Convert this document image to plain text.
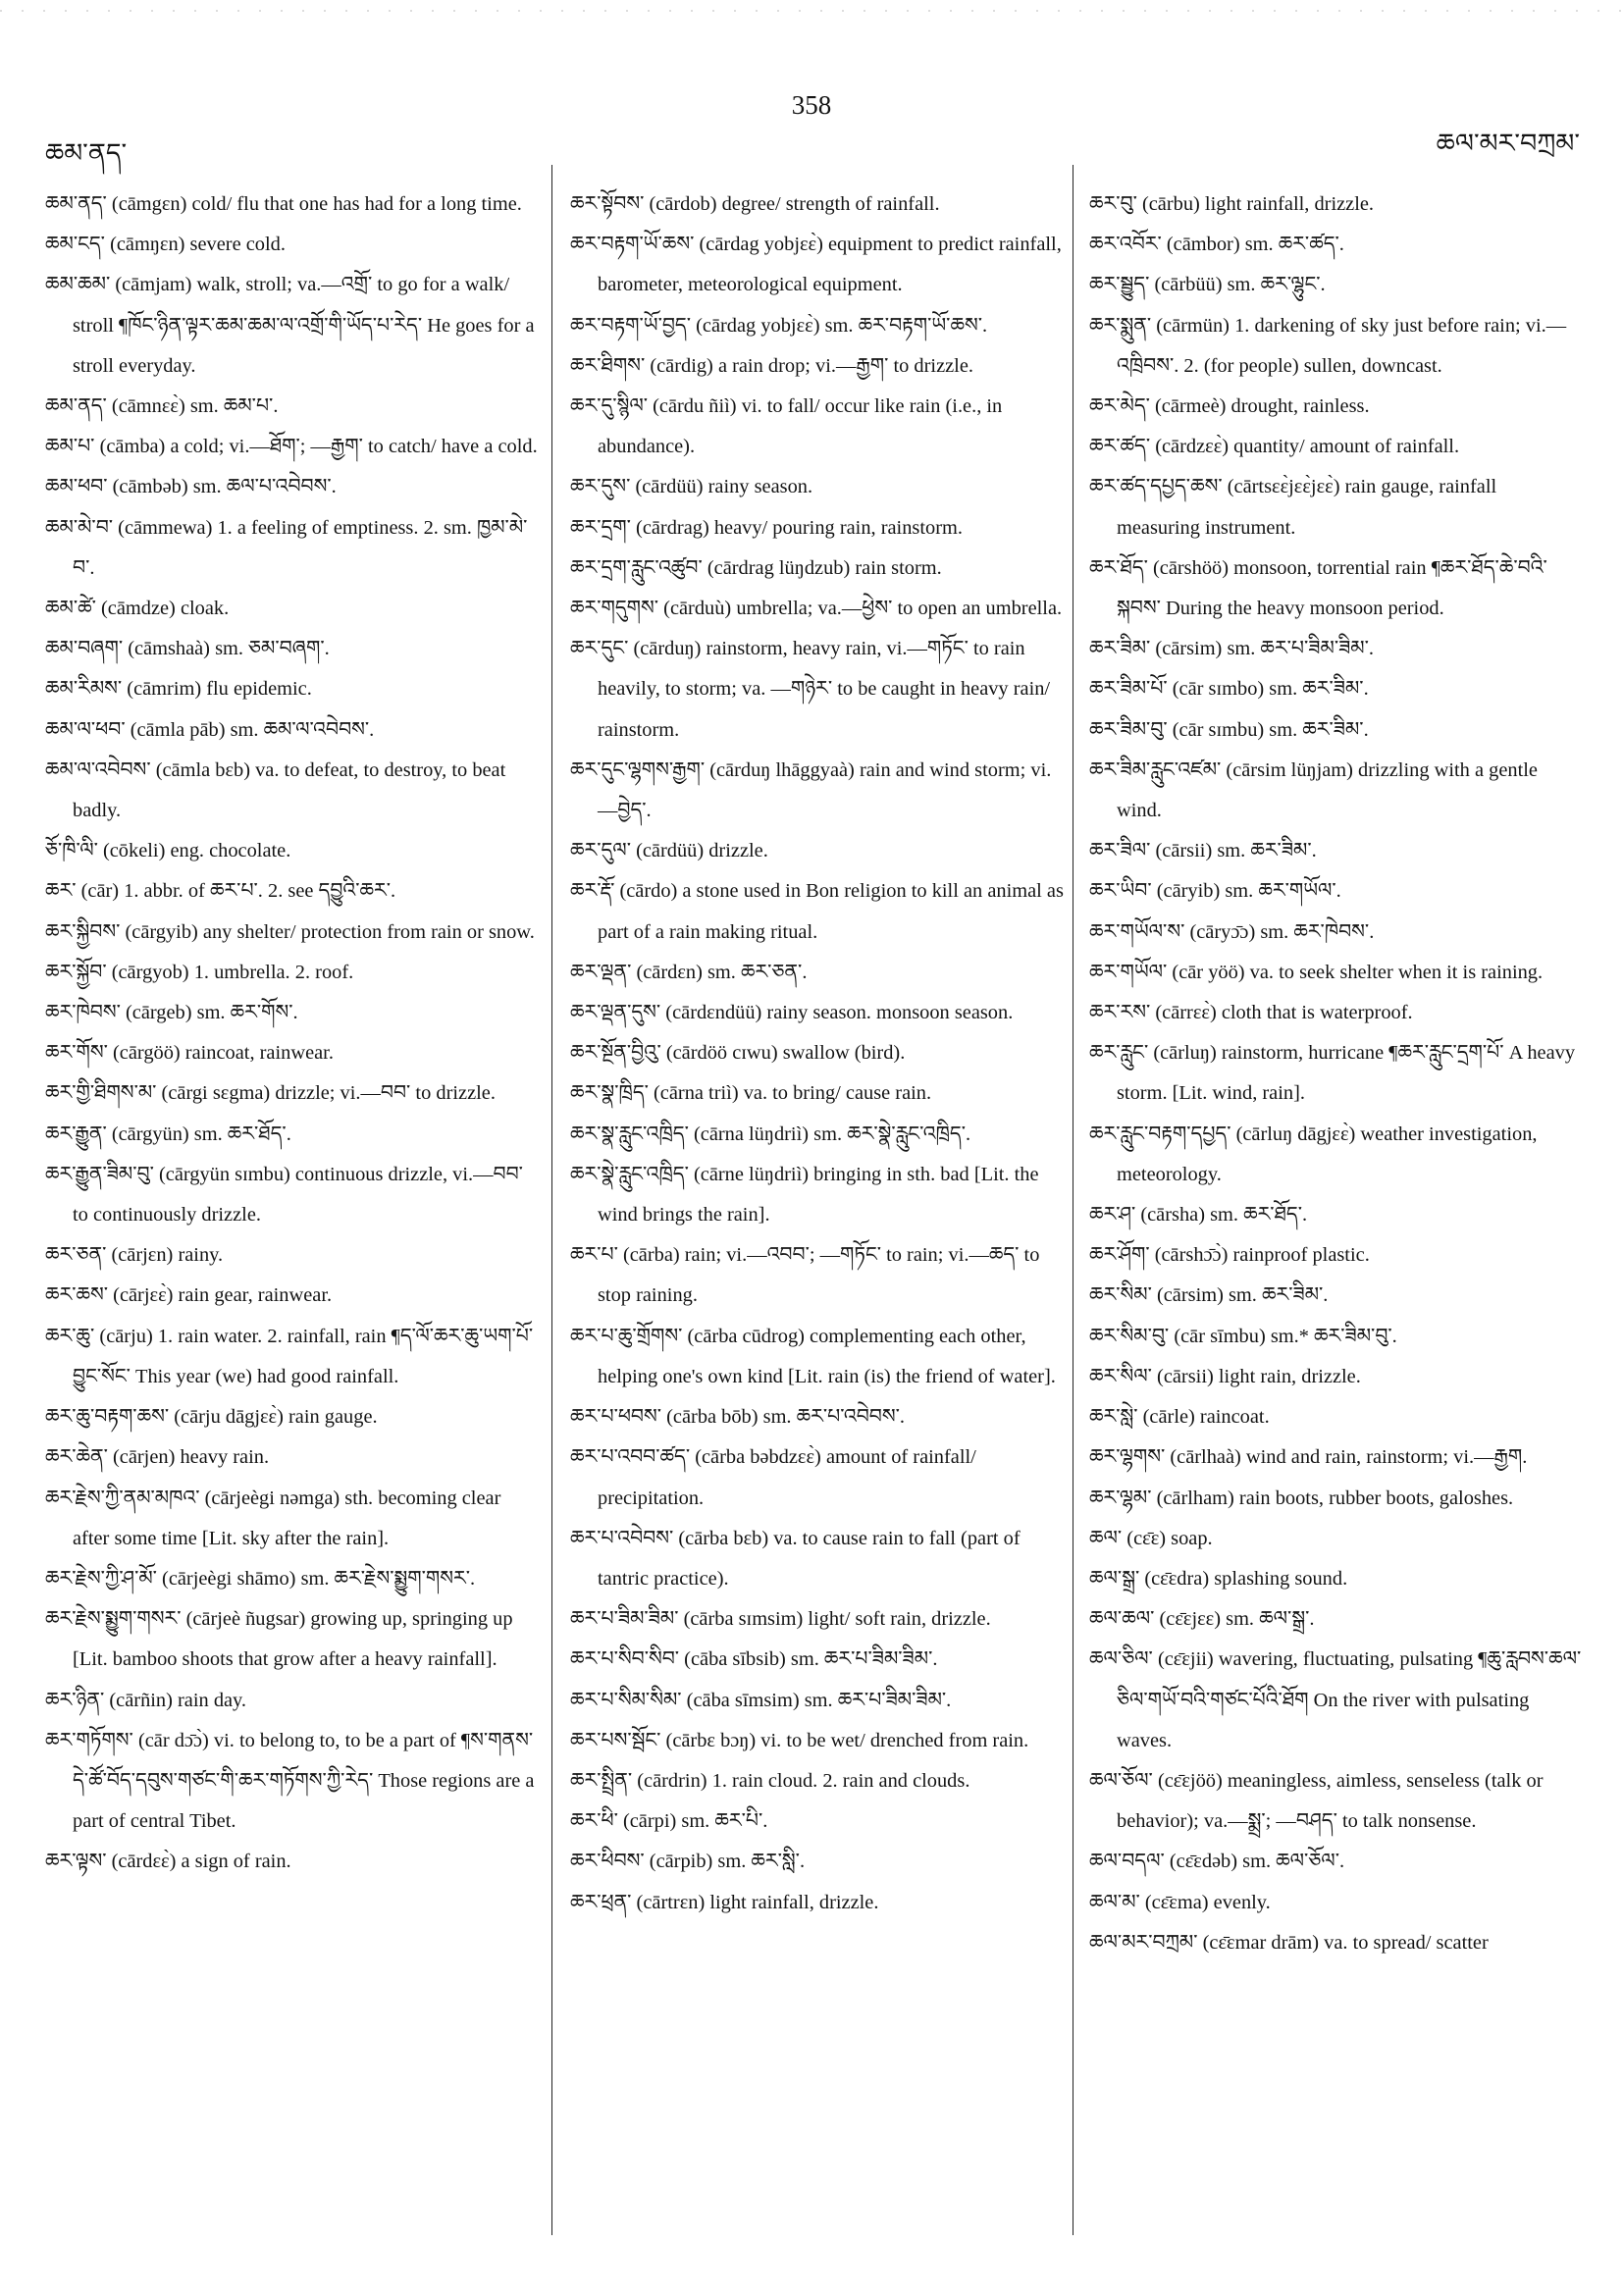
ཆམ་ནད་
358
ཆལ་མར་བཀྲམ་

ཆམ་ནད་ (cāmgɛn) cold/ flu that one has had for a long time.

ཆམ་ངད་ (cāmŋɛn) severe cold.

ཆམ་ཆམ་ (cāmjam) walk, stroll; va.—འགྲོ་ to go for a walk/ stroll ¶ཁོང་ཉིན་ལྟར་ཆམ་ཆམ་ལ་འགྲོ་གི་ཡོད་པ་རེད་ He goes for a stroll everyday.

ཆམ་ནད་ (cāmnɛɛ̀) sm. ཆམ་པ་.

ཆམ་པ་ (cāmba) a cold; vi.—ཐོག་; —རྒྱག་ to catch/ have a cold.

ཆམ་ཕབ་ (cāmbəb) sm. ཆལ་པ་འབེབས་.

ཆམ་མེ་བ་ (cāmmewa) 1. a feeling of emptiness. 2. sm. ཁྱམ་མེ་བ་.

ཆམ་ཚེ་ (cāmdze) cloak.

ཆམ་བཞག་ (cāmshaà) sm. ཅམ་བཞག་.

ཆམ་རིམས་ (cāmrim) flu epidemic.

ཆམ་ལ་ཕབ་ (cāmla pāb) sm. ཆམ་ལ་འབེབས་.

ཆམ་ལ་འབེབས་ (cāmla bɛb) va. to defeat, to destroy, to beat badly.

ཅོ་ཁི་ལི་ (cōkeli) eng. chocolate.

ཆར་ (cār) 1. abbr. of ཆར་པ་. 2. see དབྱུའི་ཆར་.

ཆར་སྐྱིབས་ (cārgyib) any shelter/ protection from rain or snow.

ཆར་སྐྱོབ་ (cārgyob) 1. umbrella. 2. roof.

ཆར་ཁེབས་ (cārgeb) sm. ཆར་གོས་.

ཆར་གོས་ (cārgöö) raincoat, rainwear.

ཆར་གྱི་ཐིགས་མ་ (cārgi sɛgma) drizzle; vi.—བབ་ to drizzle.

ཆར་རྒྱུན་ (cārgyün) sm. ཆར་ཐོད་.

ཆར་རྒྱུན་ཟིམ་བུ་ (cārgyün sɪmbu) continuous drizzle, vi.—བབ་ to continuously drizzle.

ཆར་ཅན་ (cārjɛn) rainy.

ཆར་ཆས་ (cārjɛɛ̀) rain gear, rainwear.

ཆར་ཆུ་ (cārju) 1. rain water. 2. rainfall, rain ¶ད་ལོ་ཆར་ཆུ་ཡག་པོ་བྱུང་སོང་ This year (we) had good rainfall.

ཆར་ཆུ་བརྟག་ཆས་ (cārju dāgjɛɛ̀) rain gauge.

ཆར་ཆེན་ (cārjen) heavy rain.

ཆར་རྗེས་ཀྱི་ནམ་མཁའ་ (cārjeègi nəmga) sth. becoming clear after some time [Lit. sky after the rain].

ཆར་རྗེས་ཀྱི་ཤ་མོ་ (cārjeègi shāmo) sm. ཆར་རྗེས་སྨྱུག་གསར་.

ཆར་རྗེས་སྨྱུག་གསར་ (cārjeè ñugsar) growing up, springing up [Lit. bamboo shoots that grow after a heavy rainfall].

ཆར་ཉིན་ (cārñin) rain day.

ཆར་གཏོགས་ (cār dɔ̄ɔ̀) vi. to belong to, to be a part of ¶ས་གནས་དེ་ཚོ་བོད་དབུས་གཙང་གི་ཆར་གཏོགས་ཀྱི་རེད་ Those regions are a part of central Tibet.

ཆར་ལྟས་ (cārdɛɛ̀) a sign of rain.

ཆར་སྟོབས་ (cārdob) degree/ strength of rainfall.

ཆར་བརྟག་ཡོ་ཆས་ (cārdag yobjɛɛ̀) equipment to predict rainfall, barometer, meteorological equipment.

ཆར་བརྟག་ཡོ་བྱད་ (cārdag yobjɛɛ̀) sm. ཆར་བརྟག་ཡོ་ཆས་.

ཆར་ཐིགས་ (cārdig) a rain drop; vi.—རྒྱག་ to drizzle.

ཆར་དུ་སྙིལ་ (cārdu ñiì) vi. to fall/ occur like rain (i.e., in abundance).

ཆར་དུས་ (cārdüü) rainy season.

ཆར་དྲག་ (cārdrag) heavy/ pouring rain, rainstorm.

ཆར་དྲག་རླུང་འཚུབ་ (cārdrag lüŋdzub) rain storm.

ཆར་གདུགས་ (cārduù) umbrella; va.—ཕྱེས་ to open an umbrella.

ཆར་དུང་ (cārduŋ) rainstorm, heavy rain, vi.—གཏོང་ to rain heavily, to storm; va. —གཉེར་ to be caught in heavy rain/ rainstorm.

ཆར་དུང་ལྷགས་རྒྱག་ (cārduŋ lhāggyaà) rain and wind storm; vi.—བྱེད་.

ཆར་དུལ་ (cārdüü) drizzle.

ཆར་རྡོ་ (cārdo) a stone used in Bon religion to kill an animal as part of a rain making ritual.

ཆར་ལྡན་ (cārdɛn) sm. ཆར་ཅན་.

ཆར་ལྡན་དུས་ (cārdɛndüü) rainy season. monsoon season.

ཆར་སྔོན་བྱིའུ་ (cārdöö cɪwu) swallow (bird).

ཆར་སྣ་ཁྲིད་ (cārna triì) va. to bring/ cause rain.

ཆར་སྣ་རླུང་འཁྲིད་ (cārna lüŋdriì) sm. ཆར་སྣེ་རླུང་འཁྲིད་.

ཆར་སྣེ་རླུང་འཁྲིད་ (cārne lüŋdriì) bringing in sth. bad [Lit. the wind brings the rain].

ཆར་པ་ (cārba) rain; vi.—འབབ་; —གཏོང་ to rain; vi.—ཆད་ to stop raining.

ཆར་པ་ཆུ་གྲོགས་ (cārba cūdrog) complementing each other, helping one's own kind [Lit. rain (is) the friend of water].

ཆར་པ་ཕབས་ (cārba bōb) sm. ཆར་པ་འབེབས་.

ཆར་པ་འབབ་ཚད་ (cārba bəbdzɛɛ̀) amount of rainfall/ precipitation.

ཆར་པ་འབེབས་ (cārba bɛb) va. to cause rain to fall (part of tantric practice).

ཆར་པ་ཟིམ་ཟིམ་ (cārba sɪmsim) light/ soft rain, drizzle.

ཆར་པ་སིབ་སིབ་ (cāba sībsib) sm. ཆར་པ་ཟིམ་ཟིམ་.

ཆར་པ་སིམ་སིམ་ (cāba sīmsim) sm. ཆར་པ་ཟིམ་ཟིམ་.

ཆར་པས་སྦོང་ (cārbɛ bɔŋ) vi. to be wet/ drenched from rain.

ཆར་སྤྲིན་ (cārdrin) 1. rain cloud. 2. rain and clouds.

ཆར་ཕི་ (cārpi) sm. ཆར་པི་.

ཆར་ཕིབས་ (cārpib) sm. ཆར་སླི་.

ཆར་ཕྲན་ (cārtrɛn) light rainfall, drizzle.

ཆར་བུ་ (cārbu) light rainfall, drizzle.

ཆར་འབོར་ (cāmbor) sm. ཆར་ཚད་.

ཆར་སྦྱུད་ (cārbüü) sm. ཆར་ལྷུང་.

ཆར་སྨུན་ (cārmün) 1. darkening of sky just before rain; vi.—འཁྲིབས་. 2. (for people) sullen, downcast.

ཆར་མེད་ (cārmeè) drought, rainless.

ཆར་ཚད་ (cārdzɛɛ̀) quantity/ amount of rainfall.

ཆར་ཚད་དཔྱད་ཆས་ (cārtsɛɛ̀jɛɛ̀jɛɛ̀) rain gauge, rainfall measuring instrument.

ཆར་ཐོད་ (cārshöö) monsoon, torrential rain ¶ཆར་ཐོད་ཆེ་བའི་སྐབས་ During the heavy monsoon period.

ཆར་ཟིམ་ (cārsim) sm. ཆར་པ་ཟིམ་ཟིམ་.

ཆར་ཟིམ་པོ་ (cār sɪmbo) sm. ཆར་ཟིམ་.

ཆར་ཟིམ་བུ་ (cār sɪmbu) sm. ཆར་ཟིམ་.

ཆར་ཟིམ་རླུང་འཛམ་ (cārsim lüŋjam) drizzling with a gentle wind.

ཆར་ཟིལ་ (cārsii) sm. ཆར་ཟིམ་.

ཆར་ཡིབ་ (cāryib) sm. ཆར་གཡོལ་.

ཆར་གཡོལ་ས་ (cāryɔ̄ɔ) sm. ཆར་ཁེབས་.

ཆར་གཡོལ་ (cār yöö) va. to seek shelter when it is raining.

ཆར་རས་ (cārrɛɛ̀) cloth that is waterproof.

ཆར་རླུང་ (cārluŋ) rainstorm, hurricane ¶ཆར་རླུང་དྲག་པོ་ A heavy storm. [Lit. wind, rain].

ཆར་རླུང་བརྟག་དཔྱད་ (cārluŋ dāgjɛɛ̀) weather investigation, meteorology.

ཆར་ཤ་ (cārsha) sm. ཆར་ཐོད་.

ཆར་ཤོག་ (cārshɔ̄ɔ̀) rainproof plastic.

ཆར་སིམ་ (cārsim) sm. ཆར་ཟིམ་.

ཆར་སིམ་བུ་ (cār sīmbu) sm.* ཆར་ཟིམ་བུ་.

ཆར་སིལ་ (cārsii) light rain, drizzle.

ཆར་སླེ་ (cārle) raincoat.

ཆར་ལྷགས་ (cārlhaà) wind and rain, rainstorm; vi.—རྒྱག.

ཆར་ལྷམ་ (cārlham) rain boots, rubber boots, galoshes.

ཆལ་ (cɛ̄ɛ) soap.

ཆལ་སྒྲ་ (cɛ̄ɛdra) splashing sound.

ཆལ་ཆལ་ (cɛ̄ɛjɛɛ) sm. ཆལ་སྒྲ་.

ཆལ་ཅིལ་ (cɛ̄ɛjii) wavering, fluctuating, pulsating ¶ཆུ་རླབས་ཆལ་ཅིལ་གཡོ་བའི་གཙང་པོའི་ཐོག On the river with pulsating waves.

ཆལ་ཅོལ་ (cɛ̄ɛjöö) meaningless, aimless, senseless (talk or behavior); va.—སྨྲ་; —བཤད་ to talk nonsense.

ཆལ་བདལ་ (cɛ̄ɛdəb) sm. ཆལ་ཅོལ་.

ཆལ་མ་ (cɛ̄ɛma) evenly.

ཆལ་མར་བཀྲམ་ (cɛ̄ɛmar drām) va. to spread/ scatter
